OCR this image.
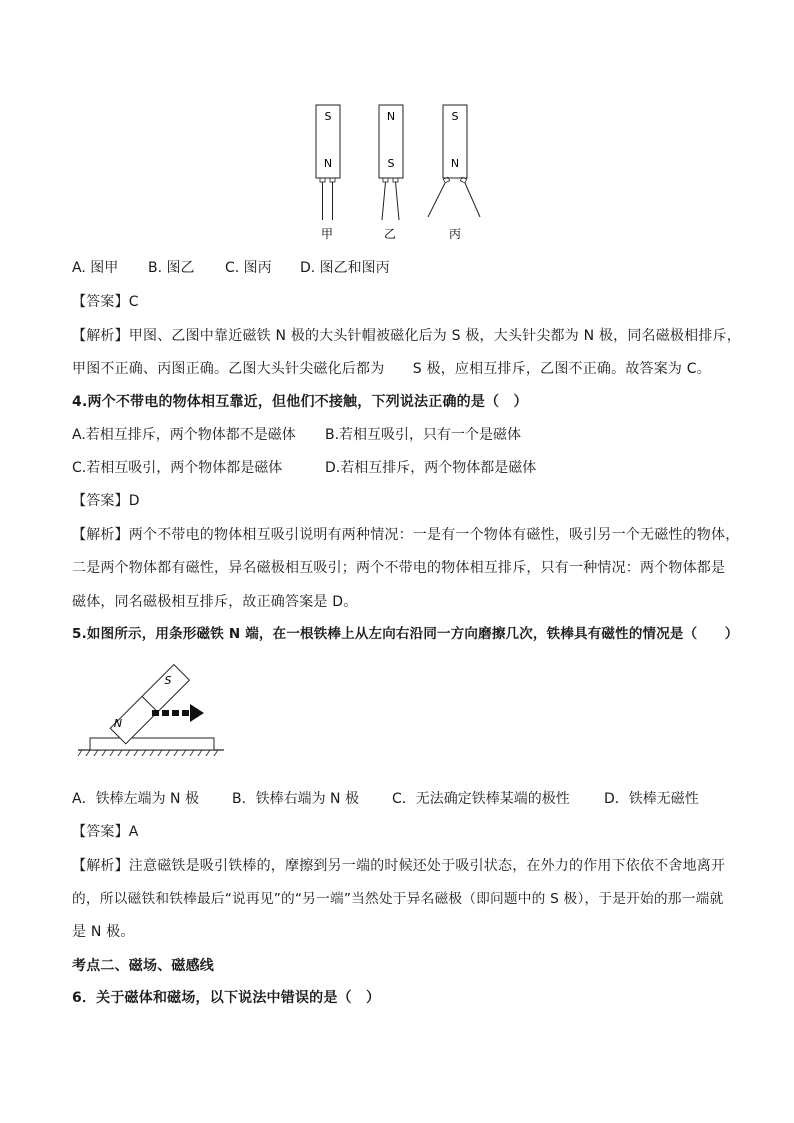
S
N
甲
N
S
乙
S
N
丙
A. 图甲 B. 图乙 C. 图丙 D. 图乙和图丙
【答案】C
【解析】甲图、乙图中靠近磁铁 N 极的大头针帽被磁化后为 S 极，大头针尖都为 N 极，同名磁极相排斥，
甲图不正确、丙图正确。乙图大头针尖磁化后都为　　S 极，应相互排斥，乙图不正确。故答案为 C。
4.两个不带电的物体相互靠近，但他们不接触，下列说法正确的是（　）
A.若相互排斥，两个物体都不是磁体 B.若相互吸引，只有一个是磁体
C.若相互吸引，两个物体都是磁体	D.若相互排斥，两个物体都是磁体
【答案】D
【解析】两个不带电的物体相互吸引说明有两种情况：一是有一个物体有磁性，吸引另一个无磁性的物体，
二是两个物体都有磁性，异名磁极相互吸引；两个不带电的物体相互排斥，只有一种情况：两个物体都是
磁体，同名磁极相互排斥，故正确答案是 D。
5.如图所示，用条形磁铁 N 端，在一根铁棒上从左向右沿同一方向磨擦几次，铁棒具有磁性的情况是（　　）
S
N
A．铁棒左端为 N 极 B．铁棒右端为 N 极 C．无法确定铁棒某端的极性 D．铁棒无磁性
【答案】A
【解析】注意磁铁是吸引铁棒的，摩擦到另一端的时候还处于吸引状态，在外力的作用下依依不舍地离开
的，所以磁铁和铁棒最后“说再见”的“另一端”当然处于异名磁极（即问题中的 S 极），于是开始的那一端就
是 N 极。
考点二、磁场、磁感线
6．关于磁体和磁场，以下说法中错误的是（　）
